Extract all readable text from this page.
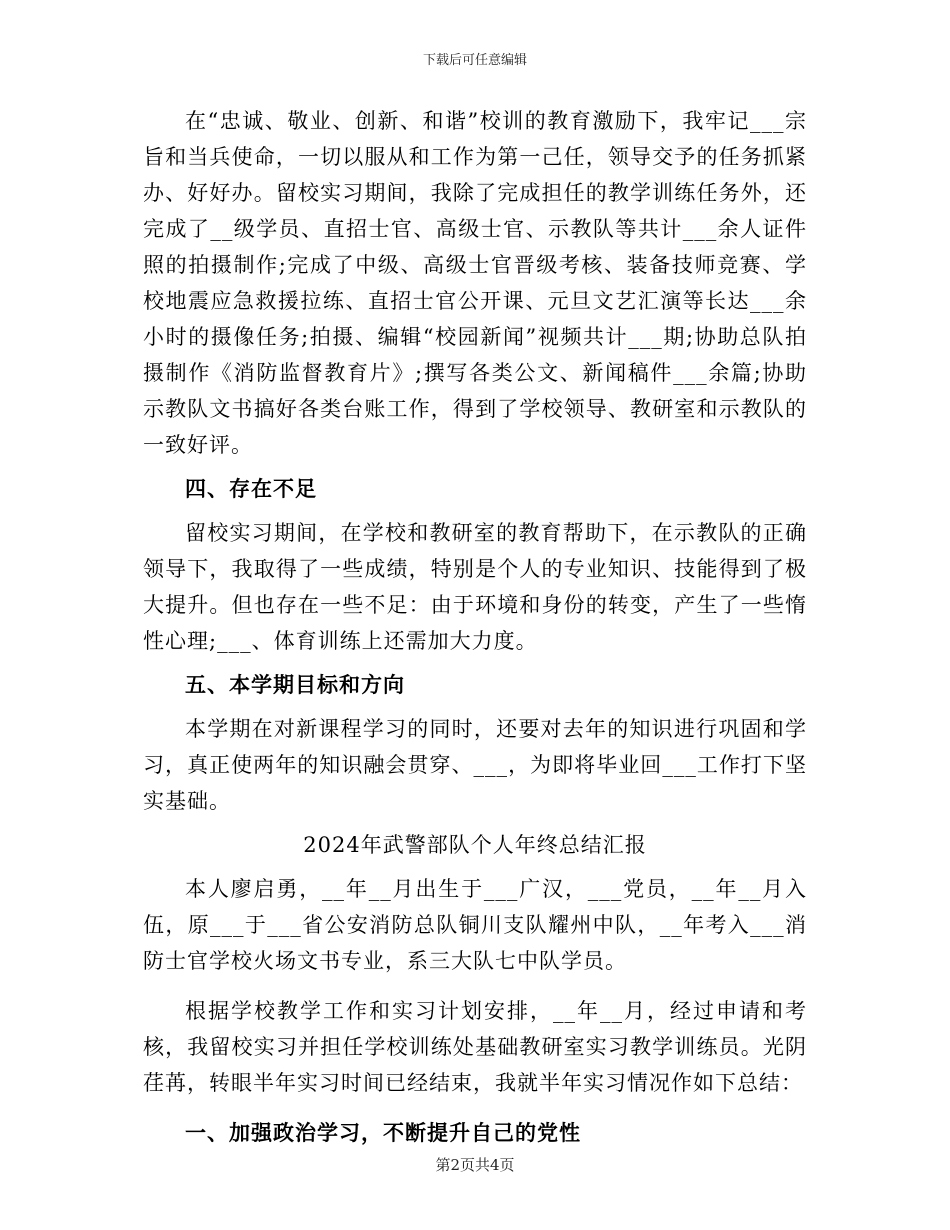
下载后可任意编辑

在“忠诚、敬业、创新、和谐”校训的教育激励下，我牢记___宗旨和当兵使命，一切以服从和工作为第一己任，领导交予的任务抓紧办、好好办。留校实习期间，我除了完成担任的教学训练任务外，还完成了__级学员、直招士官、高级士官、示教队等共计___余人证件照的拍摄制作;完成了中级、高级士官晋级考核、装备技师竞赛、学校地震应急救援拉练、直招士官公开课、元旦文艺汇演等长达___余小时的摄像任务;拍摄、编辑“校园新闻”视频共计___期;协助总队拍摄制作《消防监督教育片》;撰写各类公文、新闻稿件___余篇;协助示教队文书搞好各类台账工作，得到了学校领导、教研室和示教队的一致好评。

四、存在不足

留校实习期间，在学校和教研室的教育帮助下，在示教队的正确领导下，我取得了一些成绩，特别是个人的专业知识、技能得到了极大提升。但也存在一些不足：由于环境和身份的转变，产生了一些惰性心理;___、体育训练上还需加大力度。

五、本学期目标和方向

本学期在对新课程学习的同时，还要对去年的知识进行巩固和学习，真正使两年的知识融会贯穿、___，为即将毕业回___工作打下坚实基础。

2024年武警部队个人年终总结汇报

本人廖启勇，__年__月出生于___广汉，___党员，__年__月入伍，原___于___省公安消防总队铜川支队耀州中队，__年考入___消防士官学校火场文书专业，系三大队七中队学员。

根据学校教学工作和实习计划安排，__年__月，经过申请和考核，我留校实习并担任学校训练处基础教研室实习教学训练员。光阴荏苒，转眼半年实习时间已经结束，我就半年实习情况作如下总结：

一、加强政治学习，不断提升自己的党性

第2页共4页
